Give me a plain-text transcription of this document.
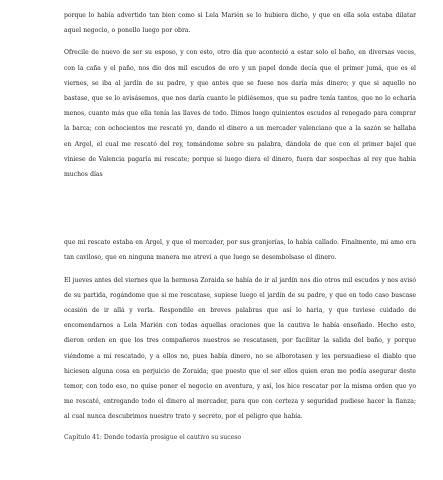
porque lo había advertido tan bien como si Lela Marién se lo hubiera dicho, y que en ella sola estaba dilatar aquel negocio, o ponello luego por obra.

Ofrecile de nuevo de ser su esposo, y con esto, otro día que aconteció a estar solo el baño, en diversas veces, con la caña y el paño, nos dio dos mil escudos de oro y un papel donde decía que el primer jumá, que es el viernes, se iba al jardín de su padre, y que antes que se fuese nos daría más dinero; y que si aquello no bastase, que se lo avisásemos, que nos daría cuanto le pidiésemos, que su padre tenía tantos, que no lo echaría menos, cuanto más que ella tenía las llaves de todo. Dimos luego quinientos escudos al renegado para comprar la barca; con ochocientos me rescaté yo, dando el dinero a un mercader valenciano que a la sazón se hallaba en Argel, el cual me rescató del rey, tomándome sobre su palabra, dándola de que con el primer bajel que viniese de Valencia pagaría mi rescate; porque si luego diera el dinero, fuera dar sospechas al rey que había muchos días

que mi rescate estaba en Argel, y que el mercader, por sus granjerías, lo había callado. Finalmente, mi amo era tan caviloso, que en ninguna manera me atreví a que luego se desembolsase el dinero.

El jueves antes del viernes que la hermosa Zoraida se había de ir al jardín nos dio otros mil escudos y nos avisó de su partida, rogándome que si me rescatase, supiese luego el jardín de su padre, y que en todo caso buscase ocasión de ir allá y verla. Respondile en breves palabras que así lo haría, y que tuviese cuidado de encomendarnos a Lela Marién con todas aquellas oraciones que la cautiva le había enseñado. Hecho esto, dieron orden en que los tres compañeros nuestros se rescatasen, por facilitar la salida del baño, y porque viéndome a mí rescatado, y a ellos no, pues había dinero, no se alborotasen y les persuadiese el diablo que hiciesen alguna cosa en perjuicio de Zoraida; que puesto que el ser ellos quien eran me podía asegurar deste temor, con todo eso, no quise poner el negocio en aventura, y así, los hice rescatar por la misma orden que yo me rescaté, entregando todo el dinero al mercader, para que con certeza y seguridad pudiese hacer la fianza; al cual nunca descubrimos nuestro trato y secreto, por el peligro que había.

Capítulo 41: Donde todavía prosigue el cautivo su suceso
